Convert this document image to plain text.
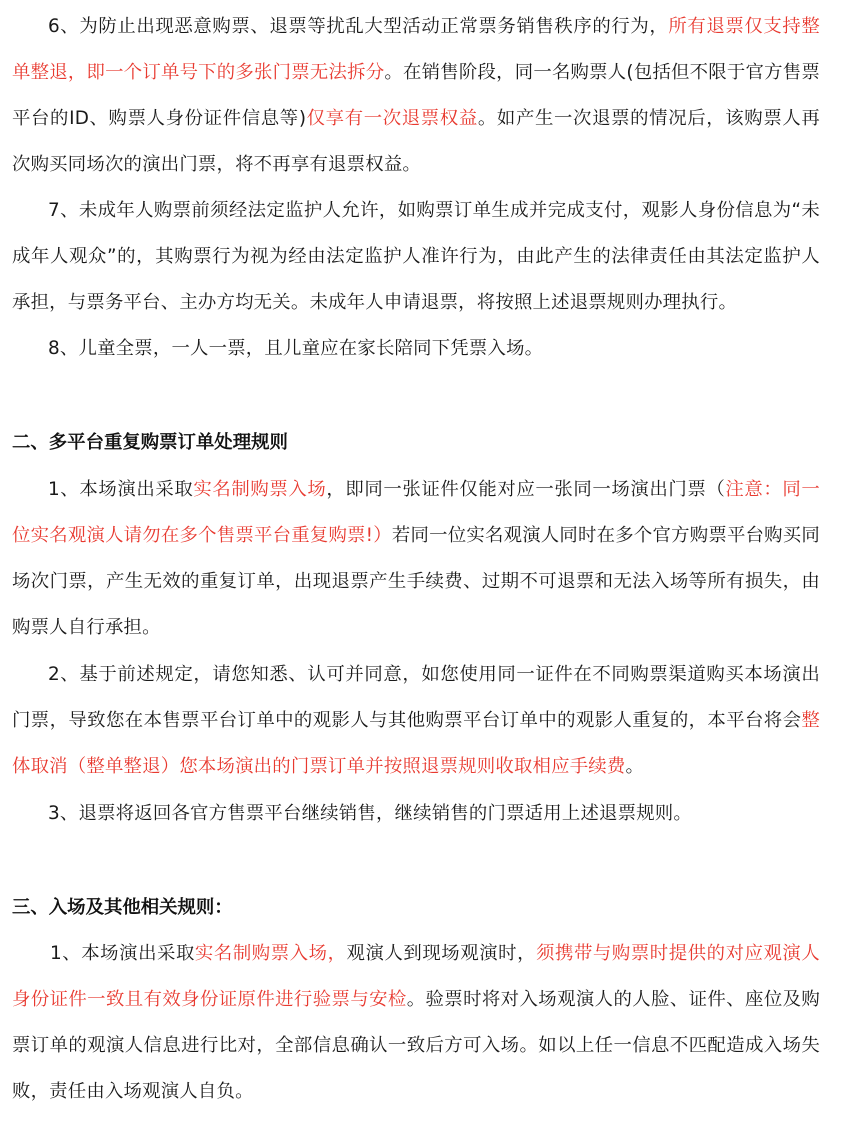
6、为防止出现恶意购票、退票等扰乱大型活动正常票务销售秩序的行为，所有退票仅支持整单整退，即一个订单号下的多张门票无法拆分。在销售阶段，同一名购票人(包括但不限于官方售票平台的ID、购票人身份证件信息等)仅享有一次退票权益。如产生一次退票的情况后，该购票人再次购买同场次的演出门票，将不再享有退票权益。

7、未成年人购票前须经法定监护人允许，如购票订单生成并完成支付，观影人身份信息为“未成年人观众”的，其购票行为视为经由法定监护人准许行为，由此产生的法律责任由其法定监护人承担，与票务平台、主办方均无关。未成年人申请退票，将按照上述退票规则办理执行。

8、儿童全票，一人一票，且儿童应在家长陪同下凭票入场。

二、多平台重复购票订单处理规则

1、本场演出采取实名制购票入场，即同一张证件仅能对应一张同一场演出门票（注意：同一位实名观演人请勿在多个售票平台重复购票!）若同一位实名观演人同时在多个官方购票平台购买同场次门票，产生无效的重复订单，出现退票产生手续费、过期不可退票和无法入场等所有损失，由购票人自行承担。

2、基于前述规定，请您知悉、认可并同意，如您使用同一证件在不同购票渠道购买本场演出门票，导致您在本售票平台订单中的观影人与其他购票平台订单中的观影人重复的，本平台将会整体取消（整单整退）您本场演出的门票订单并按照退票规则收取相应手续费。

3、退票将返回各官方售票平台继续销售，继续销售的门票适用上述退票规则。

三、入场及其他相关规则：

1、本场演出采取实名制购票入场，观演人到现场观演时，须携带与购票时提供的对应观演人身份证件一致且有效身份证原件进行验票与安检。验票时将对入场观演人的人脸、证件、座位及购票订单的观演人信息进行比对，全部信息确认一致后方可入场。如以上任一信息不匹配造成入场失败，责任由入场观演人自负。
